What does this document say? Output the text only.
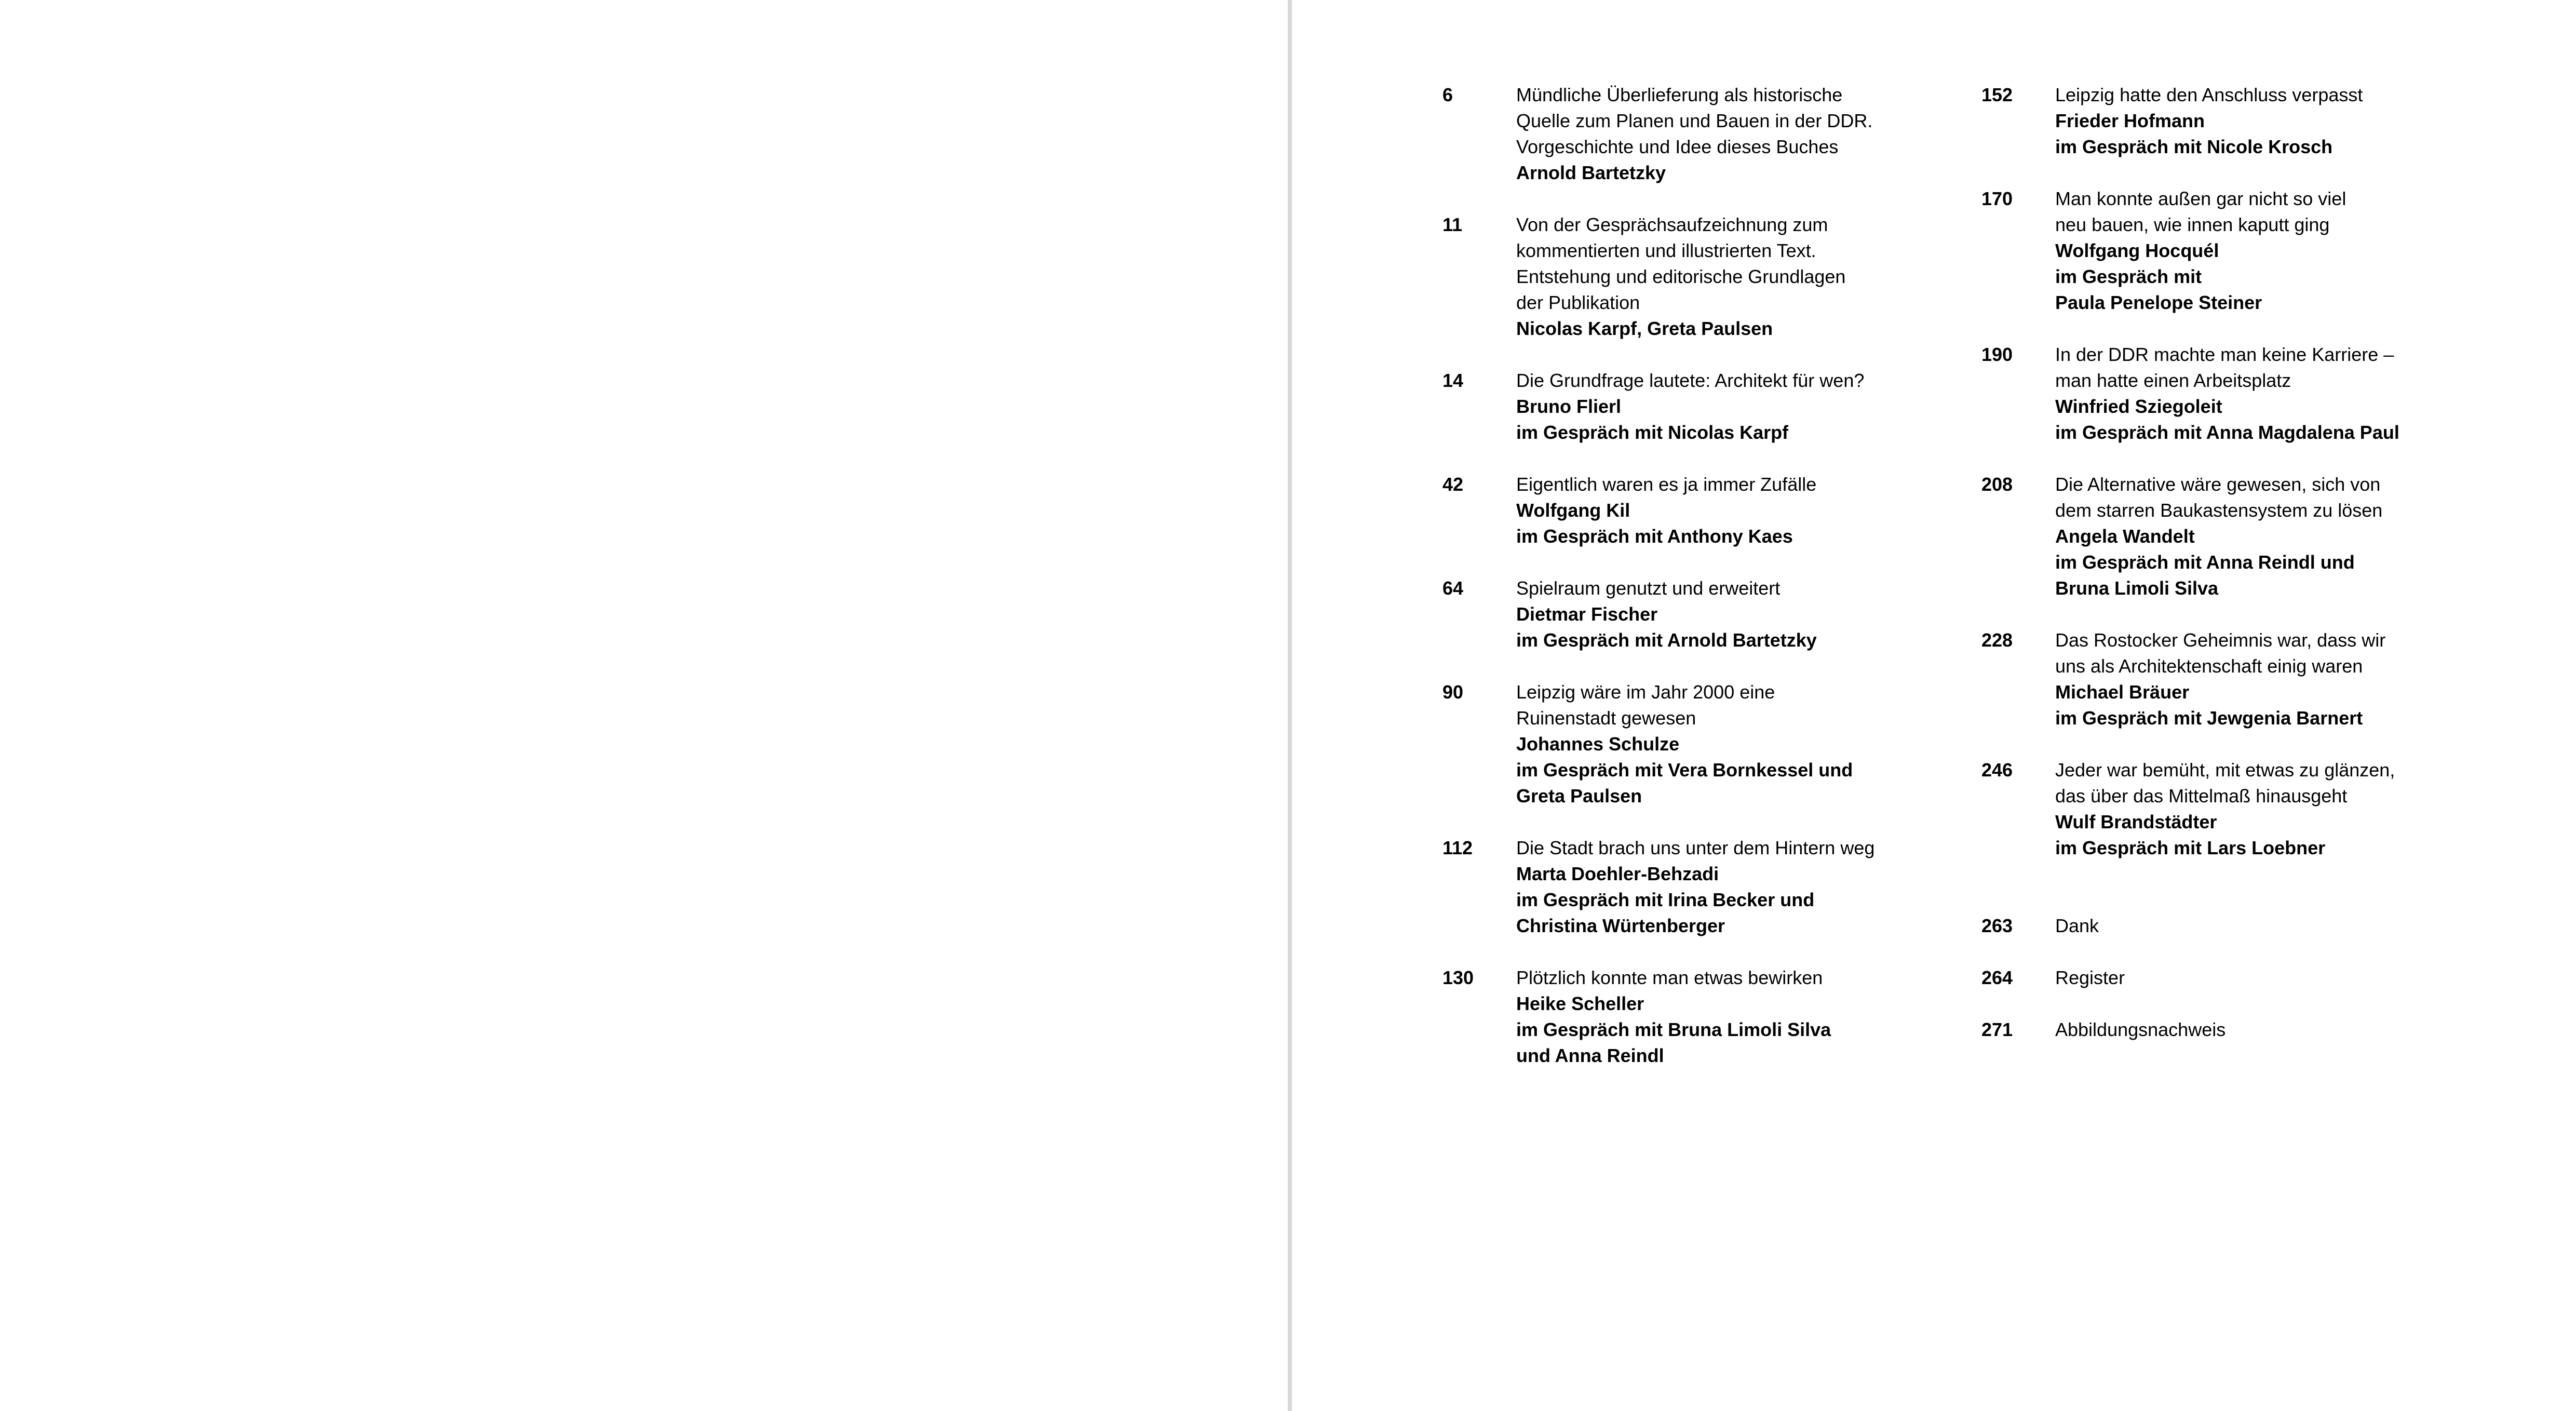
6	Mündliche Überlieferung als historische
Quelle zum Planen und Bauen in der DDR.
Vorgeschichte und Idee dieses Buches
Arnold Bartetzky
11	Von der Gesprächsaufzeichnung zum
kommentierten und illustrierten Text.
Entstehung und editorische Grundlagen
der Publikation
Nicolas Karpf, Greta Paulsen
14	Die Grundfrage lautete: Architekt für wen?
Bruno Flierl
im Gespräch mit Nicolas Karpf
42	Eigentlich waren es ja immer Zufälle
Wolfgang Kil
im Gespräch mit Anthony Kaes
64	Spielraum genutzt und erweitert
Dietmar Fischer
im Gespräch mit Arnold Bartetzky
90	Leipzig wäre im Jahr 2000 eine
Ruinenstadt gewesen
Johannes Schulze
im Gespräch mit Vera Bornkessel und
Greta Paulsen
112	Die Stadt brach uns unter dem Hintern weg
Marta Doehler-Behzadi
im Gespräch mit Irina Becker und
Christina Würtenberger
130	Plötzlich konnte man etwas bewirken
Heike Scheller
im Gespräch mit Bruna Limoli Silva
und Anna Reindl
152	Leipzig hatte den Anschluss verpasst
Frieder Hofmann
im Gespräch mit Nicole Krosch
170	Man konnte außen gar nicht so viel
neu bauen, wie innen kaputt ging
Wolfgang Hocquél
im Gespräch mit
Paula Penelope Steiner
190	In der DDR machte man keine Karriere –
man hatte einen Arbeitsplatz
Winfried Sziegoleit
im Gespräch mit Anna Magdalena Paul
208	Die Alternative wäre gewesen, sich von
dem starren Baukastensystem zu lösen
Angela Wandelt
im Gespräch mit Anna Reindl und
Bruna Limoli Silva
228	Das Rostocker Geheimnis war, dass wir
uns als Architektenschaft einig waren
Michael Bräuer
im Gespräch mit Jewgenia Barnert
246	Jeder war bemüht, mit etwas zu glänzen,
das über das Mittelmaß hinausgeht
Wulf Brandstädter
im Gespräch mit Lars Loebner
263	Dank
264	Register
271	Abbildungsnachweis
